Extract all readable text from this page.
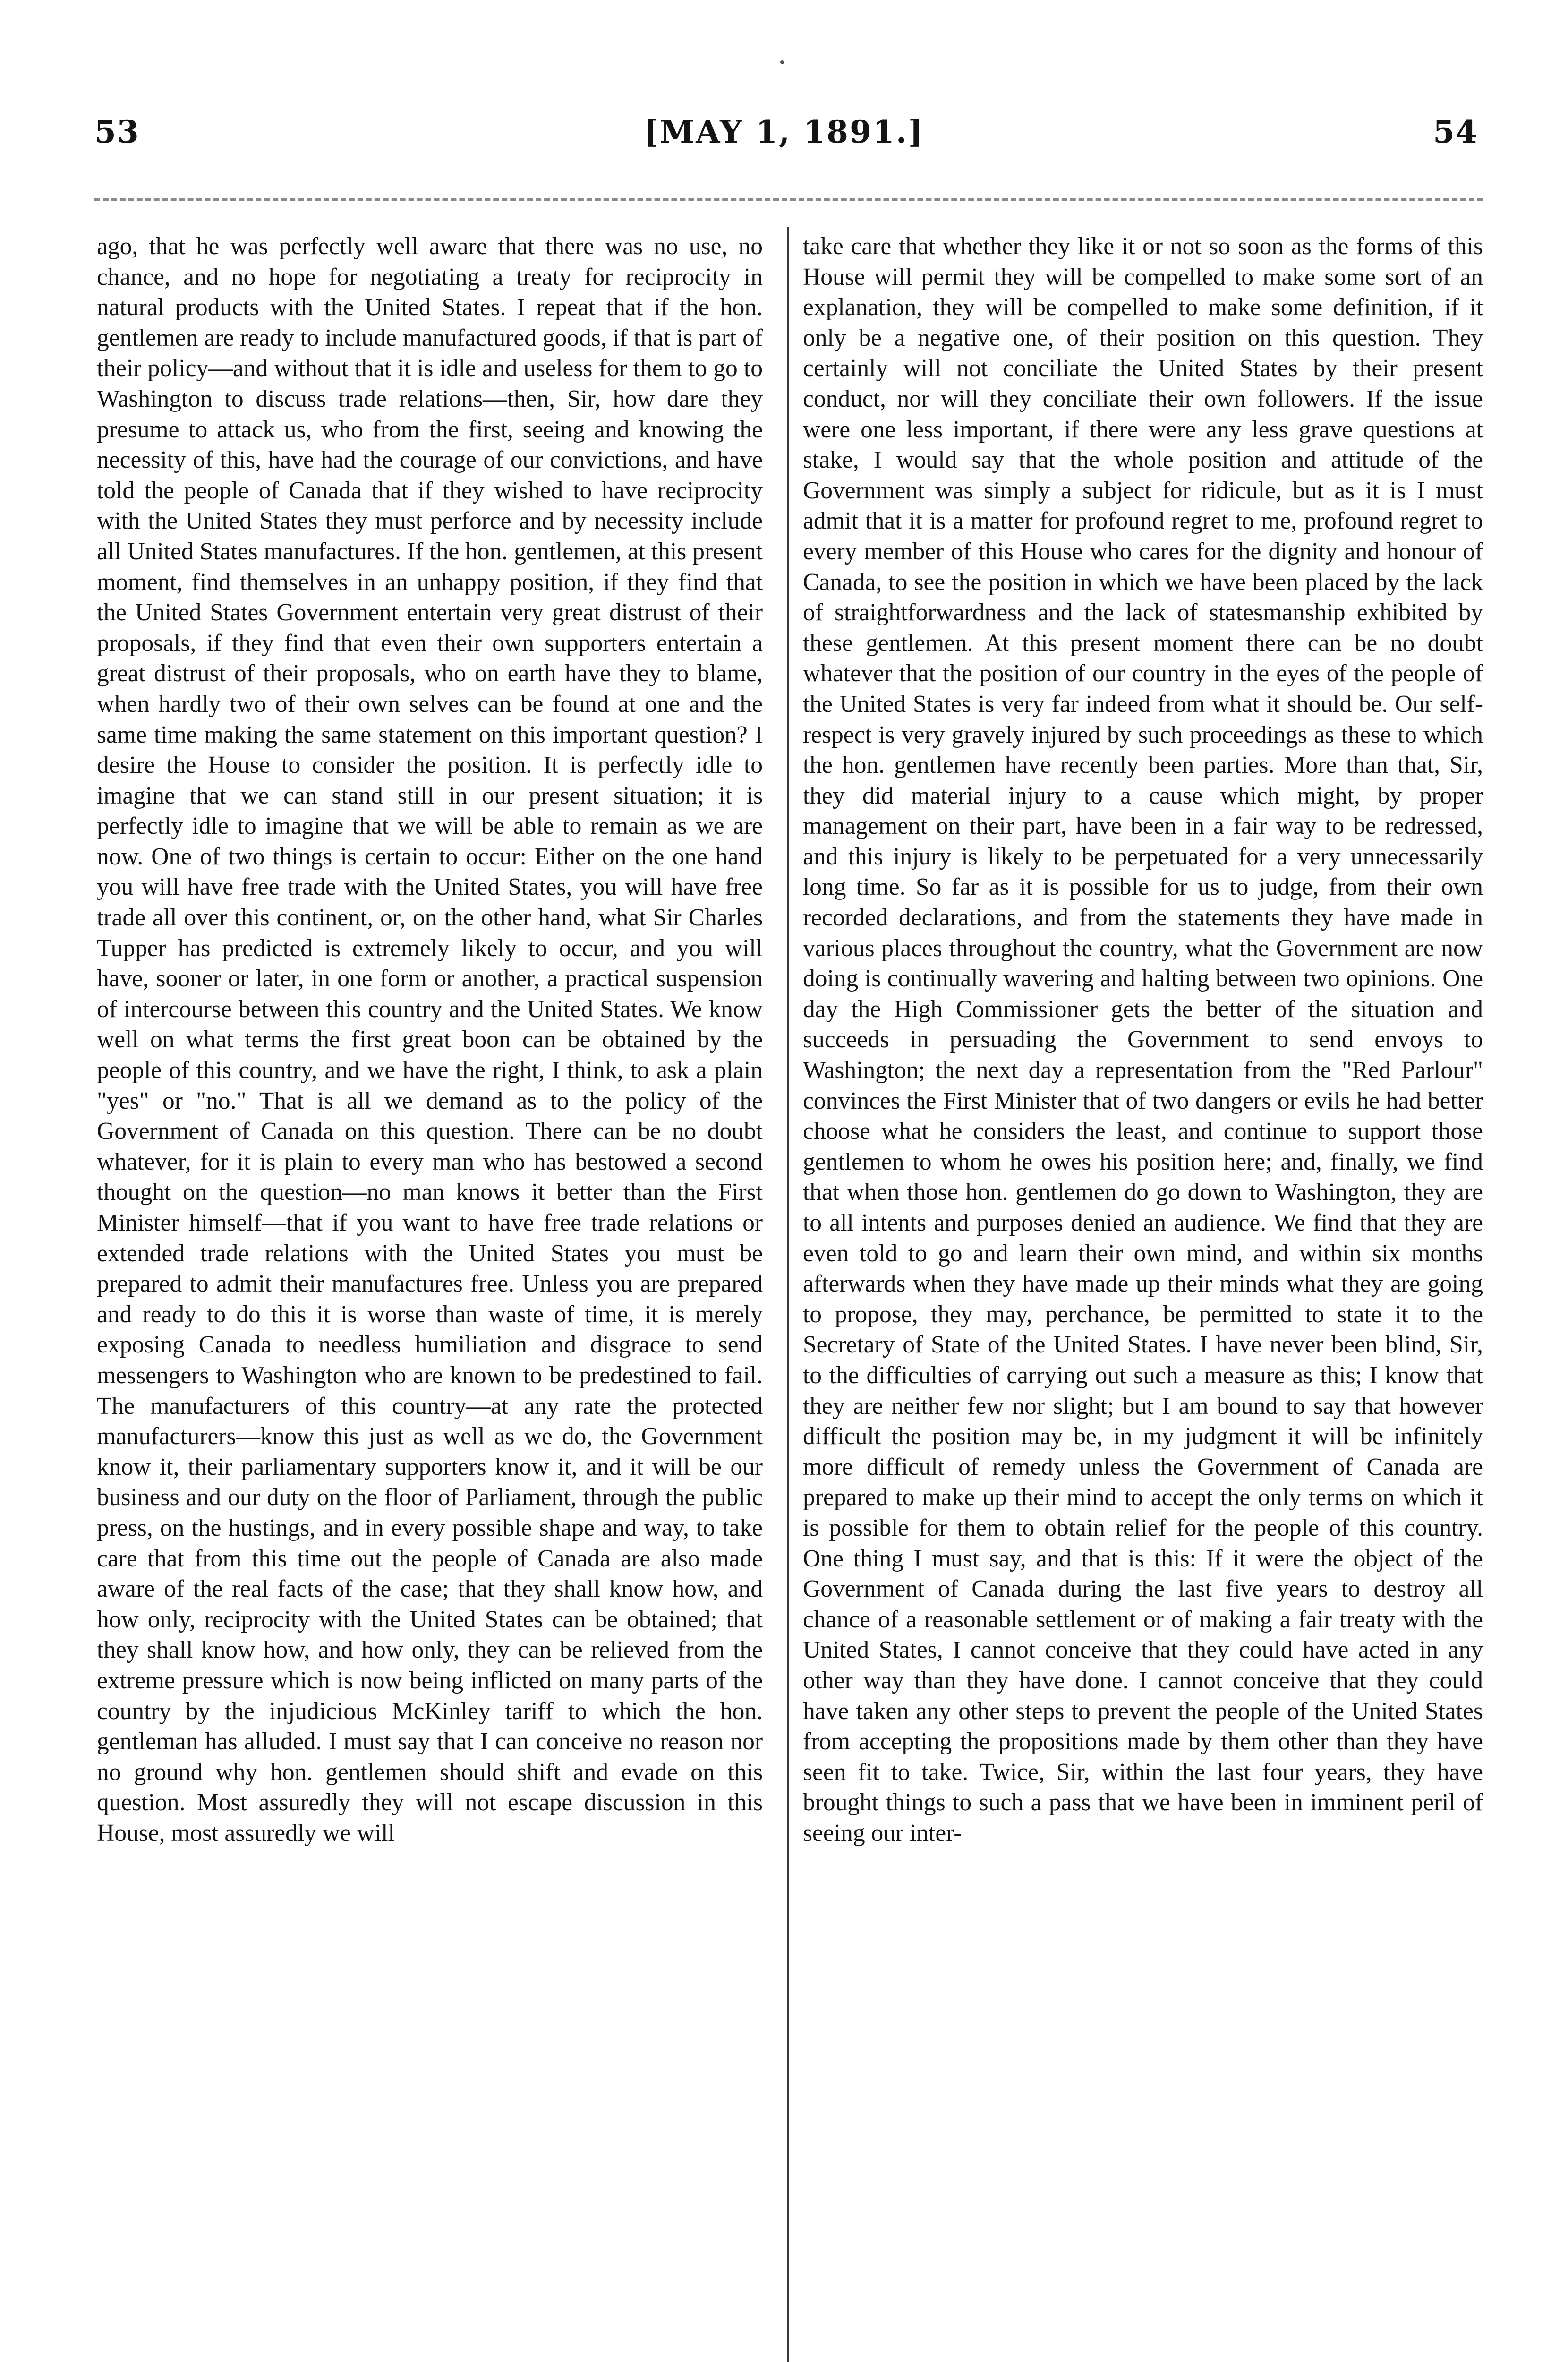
53	[MAY 1, 1891.]	54

ago, that he was perfectly well aware that there was no use, no chance, and no hope for negotiating a treaty for reciprocity in natural products with the United States. I repeat that if the hon. gentlemen are ready to include manufactured goods, if that is part of their policy—and without that it is idle and useless for them to go to Washington to discuss trade relations—then, Sir, how dare they presume to attack us, who from the first, seeing and knowing the necessity of this, have had the courage of our convictions, and have told the people of Canada that if they wished to have reciprocity with the United States they must perforce and by necessity include all United States manufactures. If the hon. gentlemen, at this present moment, find themselves in an unhappy position, if they find that the United States Government entertain very great distrust of their proposals, if they find that even their own supporters entertain a great distrust of their proposals, who on earth have they to blame, when hardly two of their own selves can be found at one and the same time making the same statement on this important question? I desire the House to consider the position. It is perfectly idle to imagine that we can stand still in our present situation; it is perfectly idle to imagine that we will be able to remain as we are now. One of two things is certain to occur: Either on the one hand you will have free trade with the United States, you will have free trade all over this continent, or, on the other hand, what Sir Charles Tupper has predicted is extremely likely to occur, and you will have, sooner or later, in one form or another, a practical suspension of intercourse between this country and the United States. We know well on what terms the first great boon can be obtained by the people of this country, and we have the right, I think, to ask a plain "yes" or "no." That is all we demand as to the policy of the Government of Canada on this question. There can be no doubt whatever, for it is plain to every man who has bestowed a second thought on the question—no man knows it better than the First Minister himself—that if you want to have free trade relations or extended trade relations with the United States you must be prepared to admit their manufactures free. Unless you are prepared and ready to do this it is worse than waste of time, it is merely exposing Canada to needless humiliation and disgrace to send messengers to Washington who are known to be predestined to fail. The manufacturers of this country—at any rate the protected manufacturers—know this just as well as we do, the Government know it, their parliamentary supporters know it, and it will be our business and our duty on the floor of Parliament, through the public press, on the hustings, and in every possible shape and way, to take care that from this time out the people of Canada are also made aware of the real facts of the case; that they shall know how, and how only, reciprocity with the United States can be obtained; that they shall know how, and how only, they can be relieved from the extreme pressure which is now being inflicted on many parts of the country by the injudicious McKinley tariff to which the hon. gentleman has alluded. I must say that I can conceive no reason nor no ground why hon. gentlemen should shift and evade on this question. Most assuredly they will not escape discussion in this House, most assuredly we will

take care that whether they like it or not so soon as the forms of this House will permit they will be compelled to make some sort of an explanation, they will be compelled to make some definition, if it only be a negative one, of their position on this question. They certainly will not conciliate the United States by their present conduct, nor will they conciliate their own followers. If the issue were one less important, if there were any less grave questions at stake, I would say that the whole position and attitude of the Government was simply a subject for ridicule, but as it is I must admit that it is a matter for profound regret to me, profound regret to every member of this House who cares for the dignity and honour of Canada, to see the position in which we have been placed by the lack of straightforwardness and the lack of statesmanship exhibited by these gentlemen. At this present moment there can be no doubt whatever that the position of our country in the eyes of the people of the United States is very far indeed from what it should be. Our self-respect is very gravely injured by such proceedings as these to which the hon. gentlemen have recently been parties. More than that, Sir, they did material injury to a cause which might, by proper management on their part, have been in a fair way to be redressed, and this injury is likely to be perpetuated for a very unnecessarily long time. So far as it is possible for us to judge, from their own recorded declarations, and from the statements they have made in various places throughout the country, what the Government are now doing is continually wavering and halting between two opinions. One day the High Commissioner gets the better of the situation and succeeds in persuading the Government to send envoys to Washington; the next day a representation from the "Red Parlour" convinces the First Minister that of two dangers or evils he had better choose what he considers the least, and continue to support those gentlemen to whom he owes his position here; and, finally, we find that when those hon. gentlemen do go down to Washington, they are to all intents and purposes denied an audience. We find that they are even told to go and learn their own mind, and within six months afterwards when they have made up their minds what they are going to propose, they may, perchance, be permitted to state it to the Secretary of State of the United States. I have never been blind, Sir, to the difficulties of carrying out such a measure as this; I know that they are neither few nor slight; but I am bound to say that however difficult the position may be, in my judgment it will be infinitely more difficult of remedy unless the Government of Canada are prepared to make up their mind to accept the only terms on which it is possible for them to obtain relief for the people of this country. One thing I must say, and that is this: If it were the object of the Government of Canada during the last five years to destroy all chance of a reasonable settlement or of making a fair treaty with the United States, I cannot conceive that they could have acted in any other way than they have done. I cannot conceive that they could have taken any other steps to prevent the people of the United States from accepting the propositions made by them other than they have seen fit to take. Twice, Sir, within the last four years, they have brought things to such a pass that we have been in imminent peril of seeing our inter-
